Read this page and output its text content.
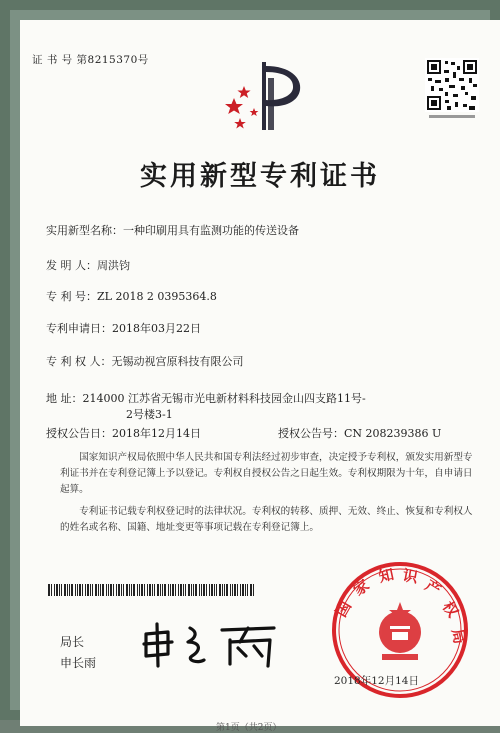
证 书 号 第8215370号
实用新型专利证书
实用新型名称：一种印刷用具有监测功能的传送设备
发 明 人：周洪钧
专 利 号：ZL 2018 2 0395364.8
专利申请日：2018年03月22日
专 利 权 人：无锡动视宫原科技有限公司
地 址：214000 江苏省无锡市光电新材料科技园金山四支路11号-
2号楼3-1
授权公告日：2018年12月14日	授权公告号：CN 208239386 U
国家知识产权局依照中华人民共和国专利法经过初步审查，决定授予专利权，颁发实用新型专利证书并在专利登记簿上予以登记。专利权自授权公告之日起生效。专利权期限为十年，自申请日起算。
专利证书记载专利权登记时的法律状况。专利权的转移、质押、无效、终止、恢复和专利权人的姓名或名称、国籍、地址变更等事项记载在专利登记簿上。
局长
申长雨
国
家
知 识 产
权
局
2018年12月14日
第1页（共2页）
